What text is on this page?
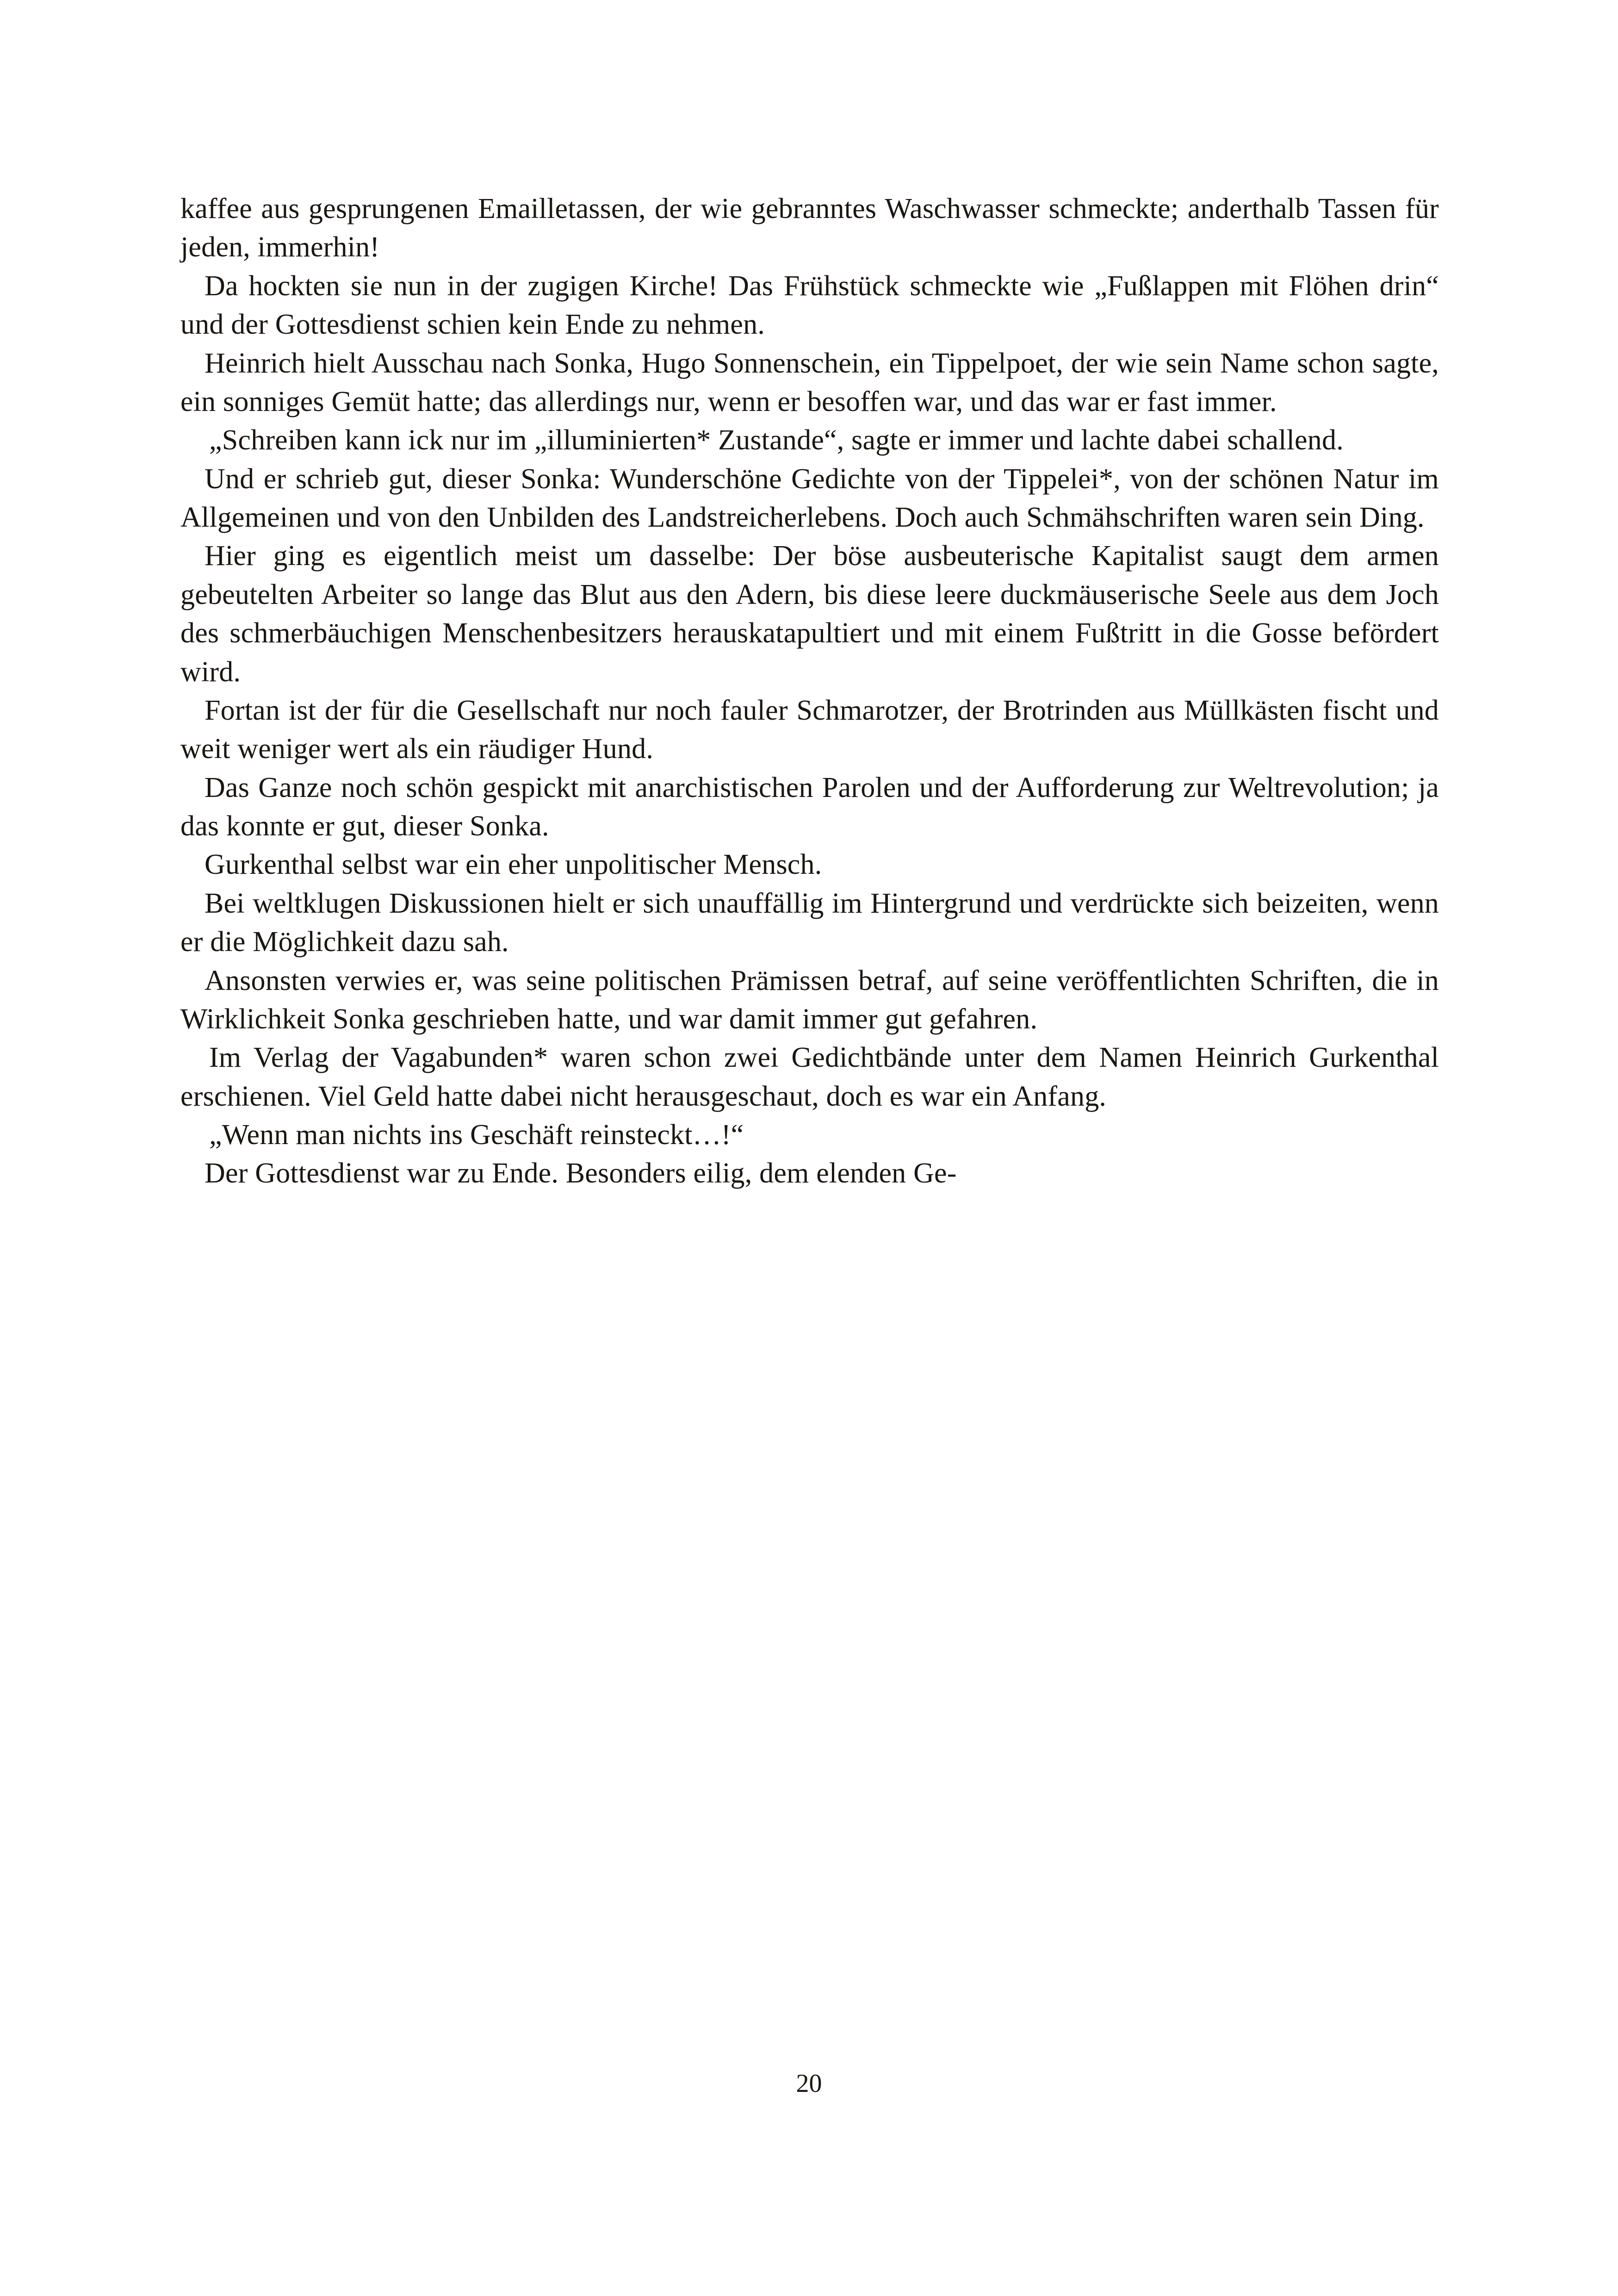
kaffee aus gesprungenen Emailletassen, der wie gebranntes Waschwasser schmeckte; anderthalb Tassen für jeden, immerhin!

Da hockten sie nun in der zugigen Kirche! Das Frühstück schmeckte wie „Fußlappen mit Flöhen drin“ und der Gottesdienst schien kein Ende zu nehmen.

Heinrich hielt Ausschau nach Sonka, Hugo Sonnenschein, ein Tippelpoet, der wie sein Name schon sagte, ein sonniges Gemüt hatte; das allerdings nur, wenn er besoffen war, und das war er fast immer.

„Schreiben kann ick nur im „illuminierten* Zustande“, sagte er immer und lachte dabei schallend.

Und er schrieb gut, dieser Sonka: Wunderschöne Gedichte von der Tippelei*, von der schönen Natur im Allgemeinen und von den Unbilden des Landstreicherlebens. Doch auch Schmähschriften waren sein Ding.

Hier ging es eigentlich meist um dasselbe: Der böse ausbeuterische Kapitalist saugt dem armen gebeutelten Arbeiter so lange das Blut aus den Adern, bis diese leere duckmäuserische Seele aus dem Joch des schmerbäuchigen Menschenbesitzers herauskatapultiert und mit einem Fußtritt in die Gosse befördert wird.

Fortan ist der für die Gesellschaft nur noch fauler Schmarotzer, der Brotrinden aus Müllkästen fischt und weit weniger wert als ein räudiger Hund.

Das Ganze noch schön gespickt mit anarchistischen Parolen und der Aufforderung zur Weltrevolution; ja das konnte er gut, dieser Sonka.

Gurkenthal selbst war ein eher unpolitischer Mensch.

Bei weltklugen Diskussionen hielt er sich unauffällig im Hintergrund und verdrückte sich beizeiten, wenn er die Möglichkeit dazu sah.

Ansonsten verwies er, was seine politischen Prämissen betraf, auf seine veröffentlichten Schriften, die in Wirklichkeit Sonka geschrieben hatte, und war damit immer gut gefahren.

Im Verlag der Vagabunden* waren schon zwei Gedichtbände unter dem Namen Heinrich Gurkenthal erschienen. Viel Geld hatte dabei nicht herausgeschaut, doch es war ein Anfang.

„Wenn man nichts ins Geschäft reinsteckt…!“

Der Gottesdienst war zu Ende. Besonders eilig, dem elenden Ge-

20
